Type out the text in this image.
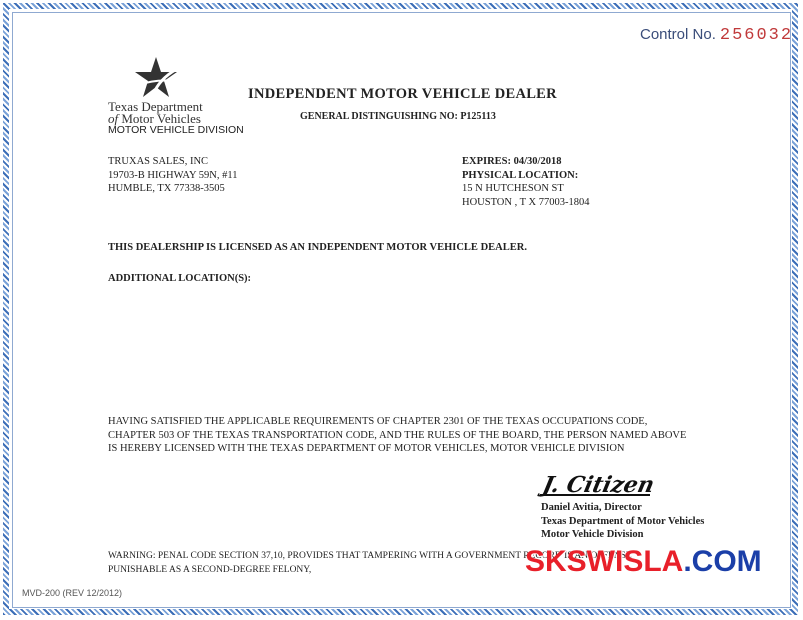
Control No. 256032
Texas Department
of Motor Vehicles
MOTOR VEHICLE DIVISION
INDEPENDENT MOTOR VEHICLE DEALER
GENERAL DISTINGUISHING NO: P125113
TRUXAS SALES, INC
19703-B HIGHWAY 59N, #11
HUMBLE, TX 77338-3505
EXPIRES: 04/30/2018
PHYSICAL LOCATION:
15 N HUTCHESON ST
HOUSTON , T X 77003-1804
THIS DEALERSHIP IS LICENSED AS AN INDEPENDENT MOTOR VEHICLE DEALER.
ADDITIONAL LOCATION(S):
HAVING SATISFIED THE APPLICABLE REQUIREMENTS OF CHAPTER 2301 OF THE TEXAS OCCUPATIONS CODE,
CHAPTER 503 OF THE TEXAS TRANSPORTATION CODE, AND THE RULES OF THE BOARD, THE PERSON NAMED ABOVE
IS HEREBY LICENSED WITH THE TEXAS DEPARTMENT OF MOTOR VEHICLES, MOTOR VEHICLE DIVISION
J. Citizen
Daniel Avitia, Director
Texas Department of Motor Vehicles
Motor Vehicle Division
WARNING: PENAL CODE SECTION 37,10, PROVIDES THAT TAMPERING WITH A GOVERNMENT RECORD IS AN OFFENSE
PUNISHABLE AS A SECOND-DEGREE FELONY,	SKSWISLA.COM
MVD-200 (REV 12/2012)
